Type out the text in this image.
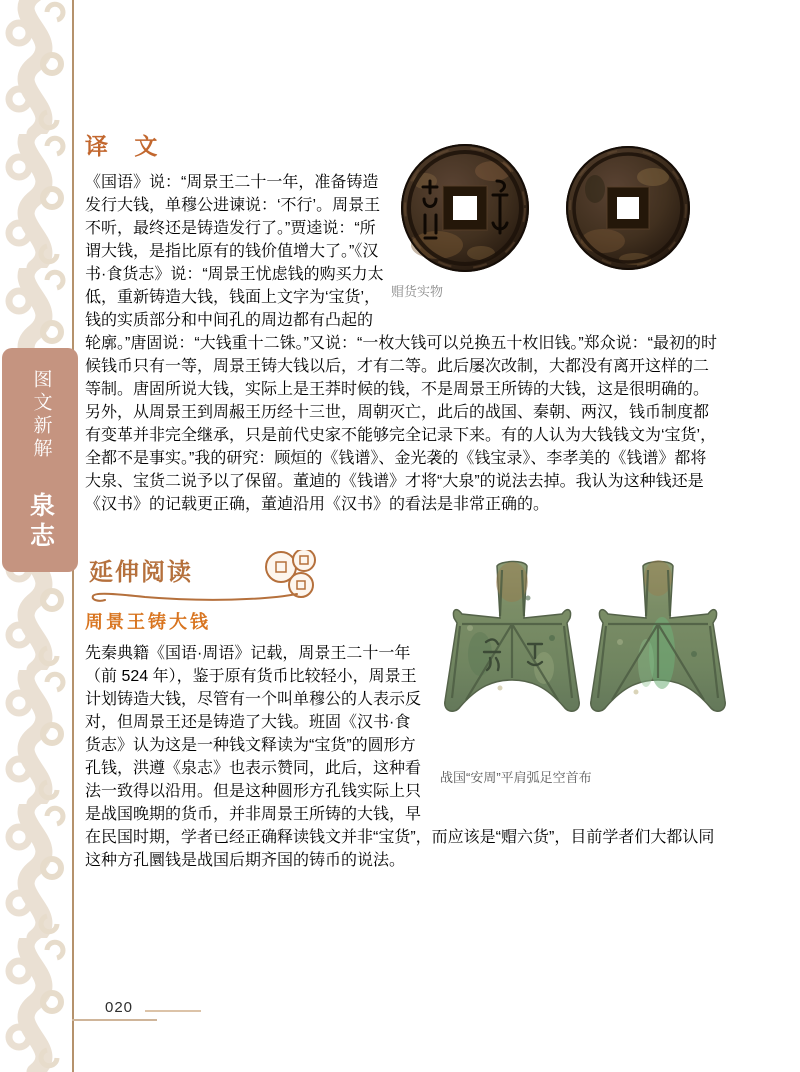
图文新解 泉志
译 文

赗货实物
《国语》说：“周景王二十一年，准备铸造发行大钱，单穆公进谏说：‘不行’。周景王不听，最终还是铸造发行了。”贾逵说：“所谓大钱，是指比原有的钱价值增大了。”《汉书·食货志》说：“周景王忧虑钱的购买力太低，重新铸造大钱，钱面上文字为‘宝货’，钱的实质部分和中间孔的周边都有凸起的轮廓。”唐固说：“大钱重十二铢。”又说：“一枚大钱可以兑换五十枚旧钱。”郑众说：“最初的时候钱币只有一等，周景王铸大钱以后，才有二等。此后屡次改制，大都没有离开这样的二等制。唐固所说大钱，实际上是王莽时候的钱，不是周景王所铸的大钱，这是很明确的。另外，从周景王到周赧王历经十三世，周朝灭亡，此后的战国、秦朝、两汉，钱币制度都有变革并非完全继承，只是前代史家不能够完全记录下来。有的人认为大钱钱文为‘宝货’，全都不是事实。”我的研究：顾烜的《钱谱》、金光袭的《钱宝录》、李孝美的《钱谱》都将大泉、宝货二说予以了保留。董逌的《钱谱》才将“大泉”的说法去掉。我认为这种钱还是《汉书》的记载更正确，董逌沿用《汉书》的看法是非常正确的。

延伸阅读
周景王铸大钱

战国“安周”平肩弧足空首布
先秦典籍《国语·周语》记载，周景王二十一年（前 524 年），鉴于原有货币比较轻小，周景王计划铸造大钱，尽管有一个叫单穆公的人表示反对，但周景王还是铸造了大钱。班固《汉书·食货志》认为这是一种钱文释读为“宝货”的圆形方孔钱，洪遵《泉志》也表示赞同，此后，这种看法一致得以沿用。但是这种圆形方孔钱实际上只是战国晚期的货币，并非周景王所铸的大钱，早在民国时期，学者已经正确释读钱文并非“宝货”，而应该是“赗六货”，目前学者们大都认同这种方孔圜钱是战国后期齐国的铸币的说法。

020
